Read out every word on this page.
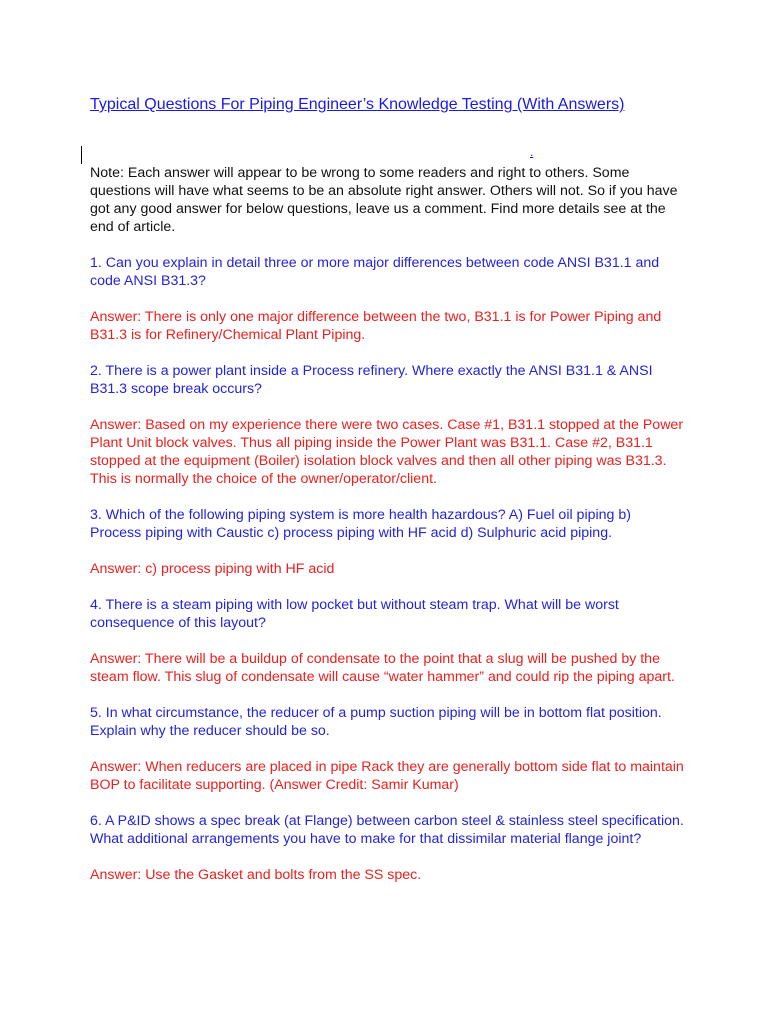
Typical Questions For Piping Engineer’s Knowledge Testing (With Answers)
.

Note: Each answer will appear to be wrong to some readers and right to others. Some questions will have what seems to be an absolute right answer. Others will not. So if you have got any good answer for below questions, leave us a comment. Find more details see at the end of article.

1. Can you explain in detail three or more major differences between code ANSI B31.1 and code ANSI B31.3?

Answer: There is only one major difference between the two, B31.1 is for Power Piping and B31.3 is for Refinery/Chemical Plant Piping.

2. There is a power plant inside a Process refinery. Where exactly the ANSI B31.1 & ANSI B31.3 scope break occurs?

Answer: Based on my experience there were two cases. Case #1, B31.1 stopped at the Power Plant Unit block valves. Thus all piping inside the Power Plant was B31.1. Case #2, B31.1 stopped at the equipment (Boiler) isolation block valves and then all other piping was B31.3. This is normally the choice of the owner/operator/client.

3. Which of the following piping system is more health hazardous? A) Fuel oil piping b) Process piping with Caustic c) process piping with HF acid d) Sulphuric acid piping.

Answer: c) process piping with HF acid

4. There is a steam piping with low pocket but without steam trap. What will be worst consequence of this layout?

Answer: There will be a buildup of condensate to the point that a slug will be pushed by the steam flow. This slug of condensate will cause “water hammer” and could rip the piping apart.

5. In what circumstance, the reducer of a pump suction piping will be in bottom flat position. Explain why the reducer should be so.

Answer: When reducers are placed in pipe Rack they are generally bottom side flat to maintain BOP to facilitate supporting. (Answer Credit: Samir Kumar)

6. A P&ID shows a spec break (at Flange) between carbon steel & stainless steel specification. What additional arrangements you have to make for that dissimilar material flange joint?

Answer: Use the Gasket and bolts from the SS spec.
